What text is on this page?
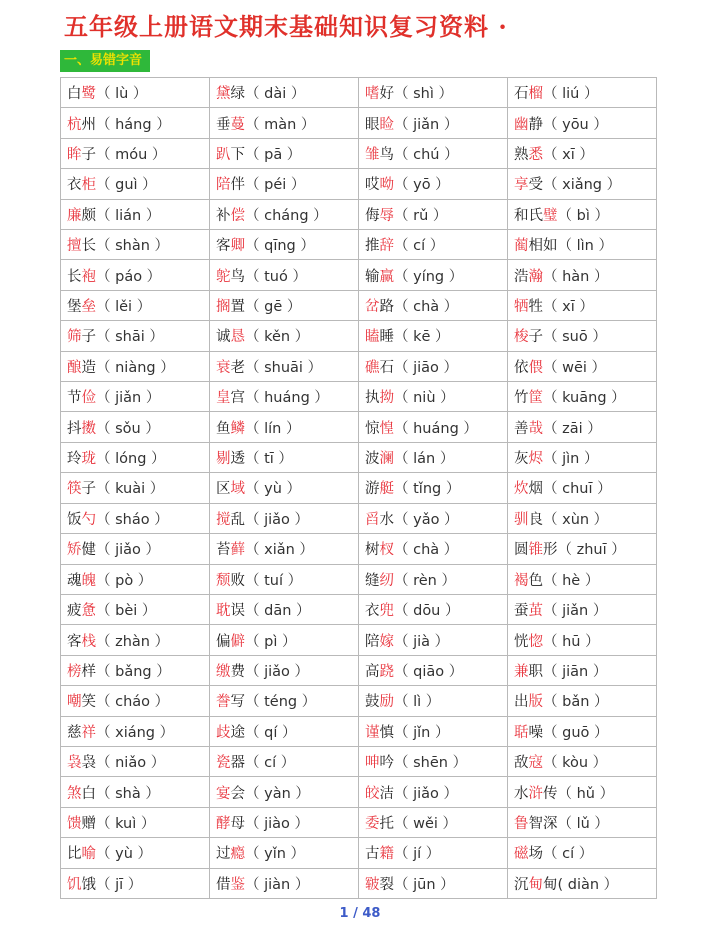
五年级上册语文期末基础知识复习资料 ·
一、易错字音
白 鹭 （ lù ）	黛 绿 （ dài ）	嗜 好 （ shì ）	石 榴 （ liú ）
杭 州 （ háng ）	垂 蔓 （ màn ）	眼 睑 （ jiǎn ）	幽 静 （ yōu ）
眸 子 （ móu ）	趴 下 （ pā ）	雏 鸟 （ chú ）	熟 悉 （ xī ）
衣 柜 （ guì ）	陪 伴 （ péi ）	哎 呦 （ yō ）	享 受 （ xiǎng ）
廉 颇 （ lián ）	补 偿 （ cháng ）	侮 辱 （ rǔ ）	和氏 璧 （ bì ）
擅 长 （ shàn ）	客 卿 （ qīng ）	推 辞 （ cí ）	蔺 相如 （ lìn ）
长 袍 （ páo ）	鸵 鸟 （ tuó ）	输 赢 （ yíng ）	浩 瀚 （ hàn ）
堡 垒 （ lěi ）	搁 置 （ gē ）	岔 路 （ chà ）	牺 牲 （ xī ）
筛 子 （ shāi ）	诚 恳 （ kěn ）	瞌 睡 （ kē ）	梭 子 （ suō ）
酿 造 （ niàng ）	衰 老 （ shuāi ）	礁 石 （ jiāo ）	依 偎 （ wēi ）
节 俭 （ jiǎn ）	皇 宫 （ huáng ） 执 拗 （ niù ）	竹 筐 （ kuāng ）
抖 擞 （ sǒu ）	鱼 鳞 （ lín ）	惊 惶 （ huáng ） 善 哉 （ zāi ）
玲 珑 （ lóng ）	剔 透 （ tī ）	波 澜 （ lán ）	灰 烬 （ jìn ）
筷 子 （ kuài ）	区 域 （ yù ）	游 艇 （ tǐng ）	炊 烟 （ chuī ）
饭 勺 （ sháo ）	搅 乱 （ jiǎo ）	舀 水 （ yǎo ）	驯 良 （ xùn ）
矫 健 （ jiǎo ）	苔 藓 （ xiǎn ）	树 杈 （ chà ）	圆 锥 形 （ zhuī ）
魂 魄 （ pò ）	颓 败 （ tuí ）	缝 纫 （ rèn ）	褐 色 （ hè ）
疲 惫 （ bèi ）	耽 误 （ dān ）	衣 兜 （ dōu ）	蚕 茧 （ jiǎn ）
客 栈 （ zhàn ）	偏 僻 （ pì ）	陪 嫁 （ jià ）	恍 惚 （ hū ）
榜 样 （ bǎng ）	缴 费 （ jiǎo ）	高 跷 （ qiāo ）	兼 职 （ jiān ）
嘲 笑 （ cháo ）	誊 写 （ téng ）	鼓 励 （ lì ）	出 版 （ bǎn ）
慈 祥 （ xiáng ）	歧 途 （ qí ）	谨 慎 （ jǐn ）	聒 噪 （ guō ）
袅 袅 （ niǎo ）	瓷 器 （ cí ）	呻 吟 （ shēn ）	敌 寇 （ kòu ）
煞 白 （ shà ）	宴 会 （ yàn ）	皎 洁 （ jiǎo ）	水 浒 传 （ hǔ ）
馈 赠 （ kuì ）	酵 母 （ jiào ）	委 托 （ wěi ）	鲁 智深 （ lǔ ）
比 喻 （ yù ）	过 瘾 （ yǐn ）	古 籍 （ jí ）	磁 场 （ cí ）
饥 饿 （ jī ）	借 鉴 （ jiàn ）	皲 裂 （ jūn ）	沉 甸 甸 ( diàn ）
1 / 48
